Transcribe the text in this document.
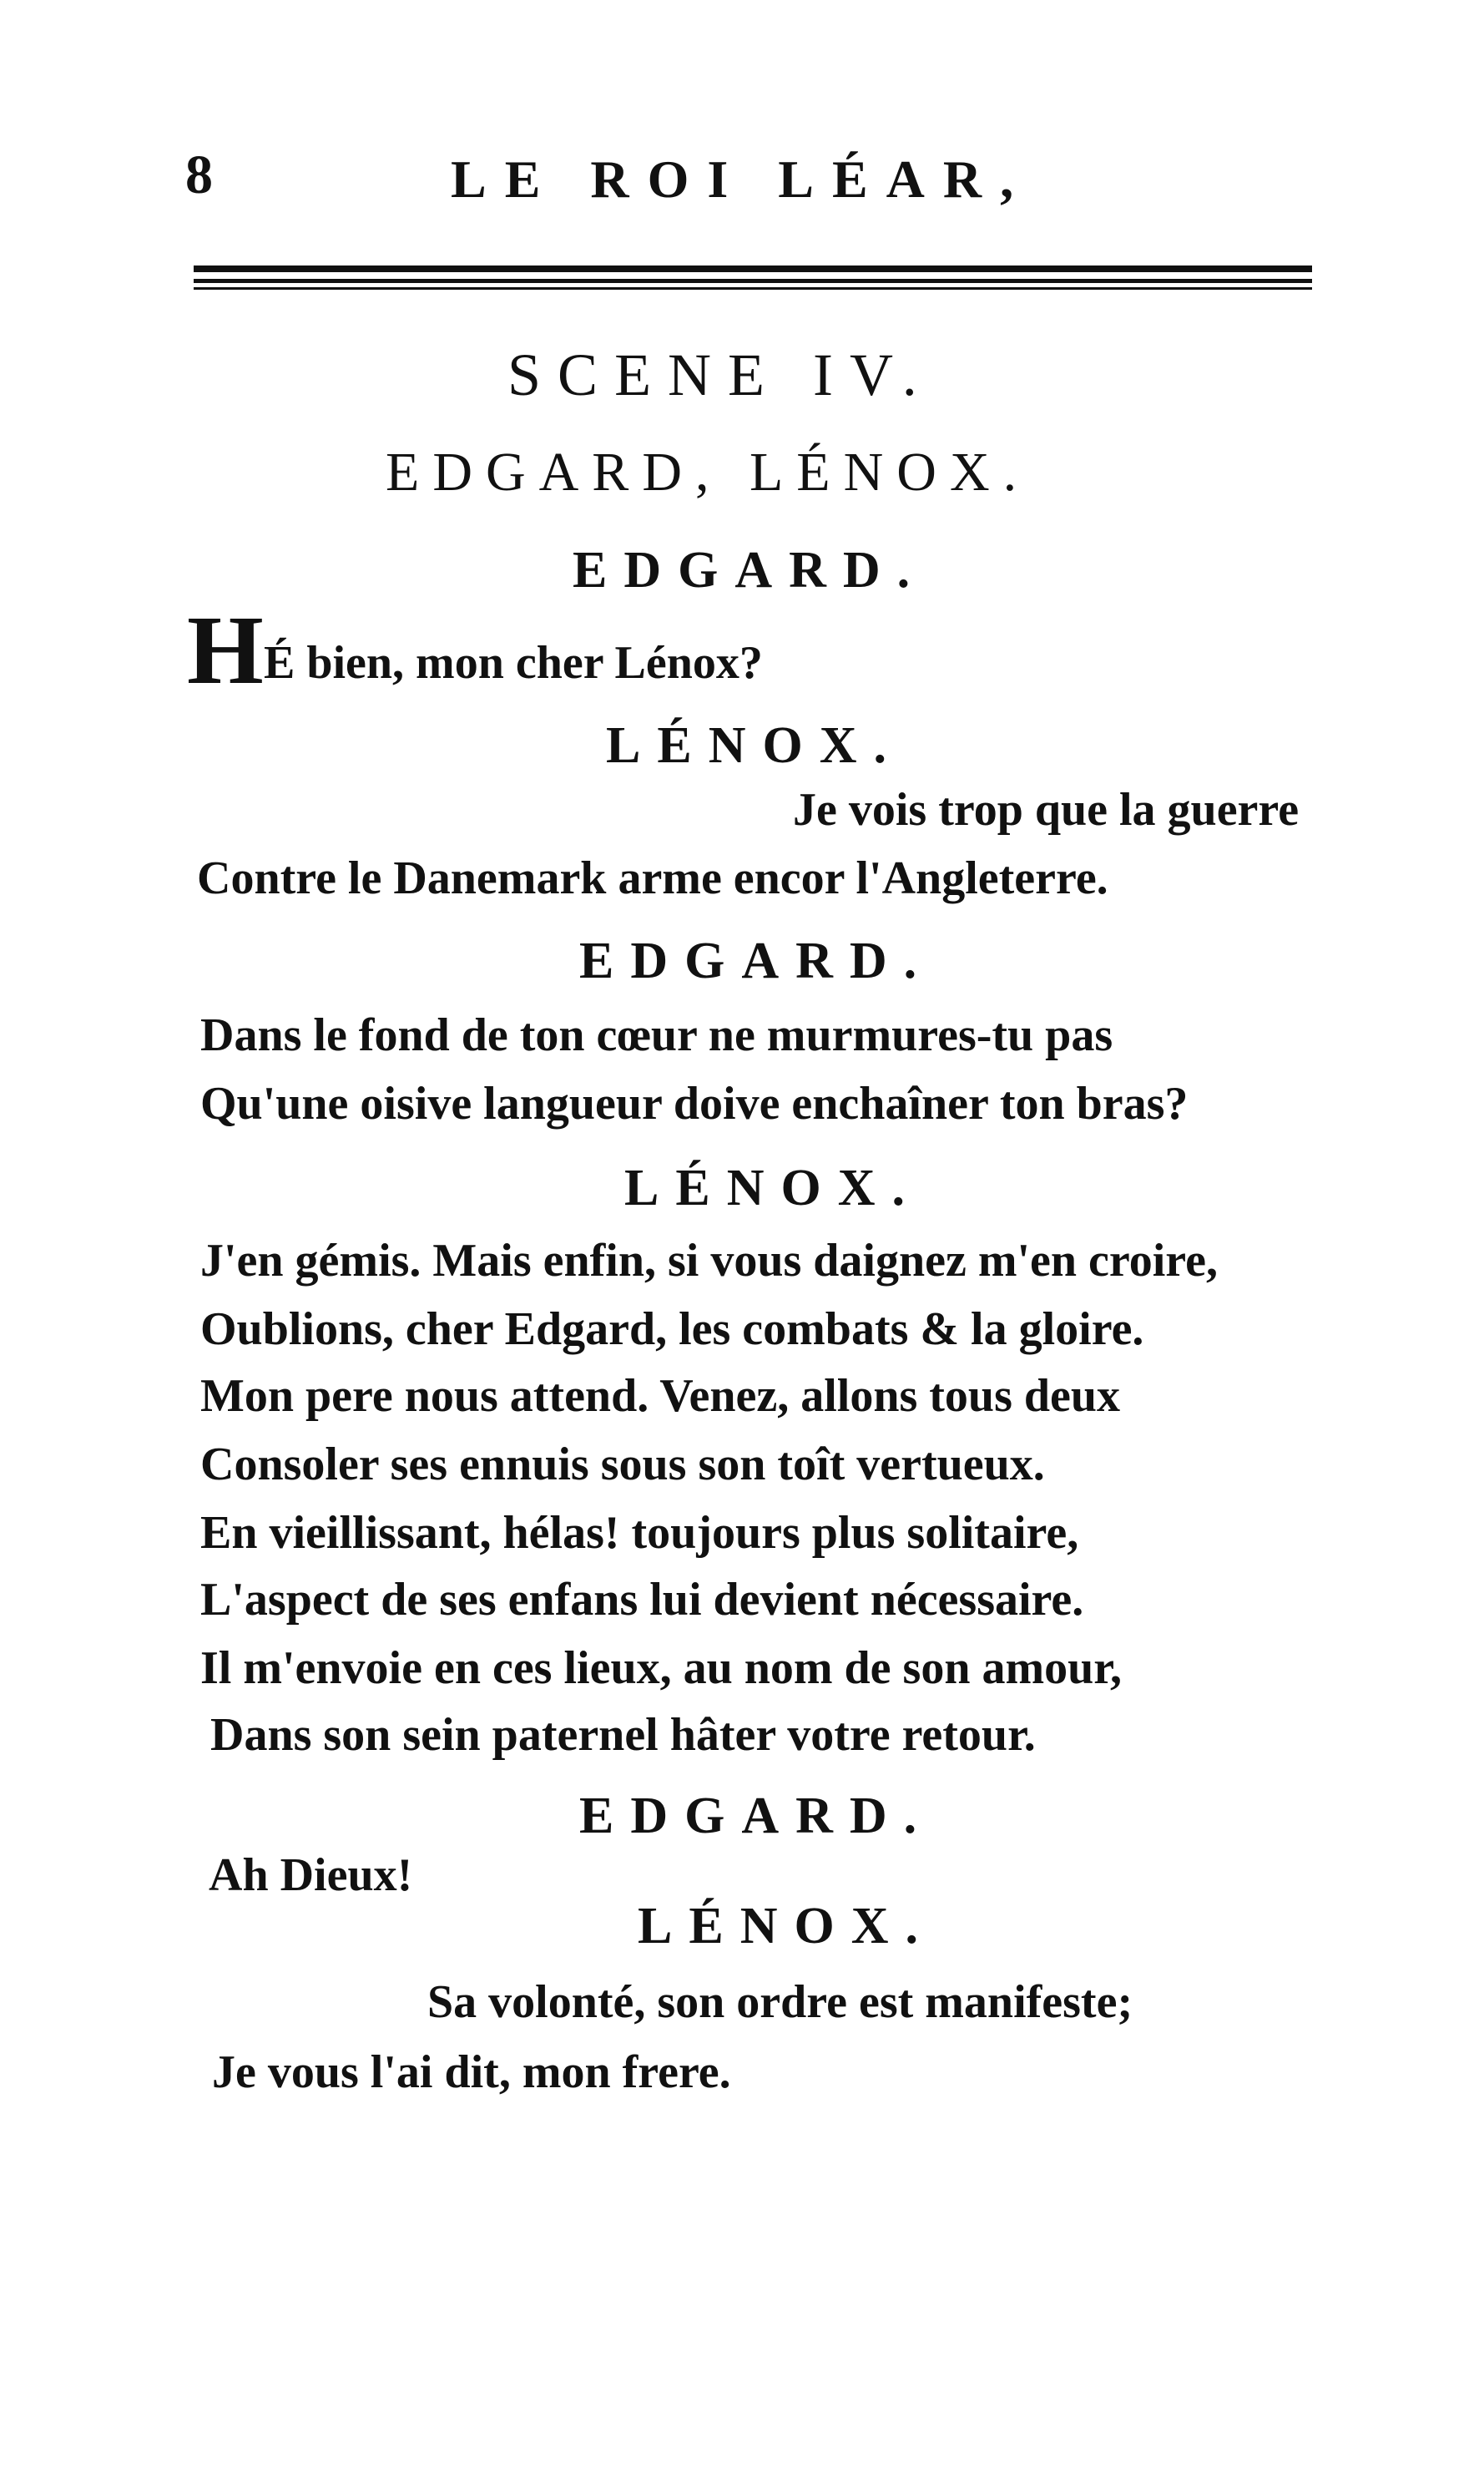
8	LE ROI LÉAR,
SCENE IV.
EDGARD, LÉNOX.
EDGARD.
H É bien, mon cher Lénox?
LÉNOX.
Je vois trop que la guerre
Contre le Danemark arme encor l'Angleterre.
EDGARD.
Dans le fond de ton cœur ne murmures-tu pas
Qu'une oisive langueur doive enchaîner ton bras?
LÉNOX.
J'en gémis. Mais enfin, si vous daignez m'en croire,
Oublions, cher Edgard, les combats & la gloire.
Mon pere nous attend. Venez, allons tous deux
Consoler ses ennuis sous son toît vertueux.
En vieillissant, hélas! toujours plus solitaire,
L'aspect de ses enfans lui devient nécessaire.
Il m'envoie en ces lieux, au nom de son amour,
Dans son sein paternel hâter votre retour.
EDGARD.
Ah Dieux!
LÉNOX.
Sa volonté, son ordre est manifeste;
Je vous l'ai dit, mon frere.
